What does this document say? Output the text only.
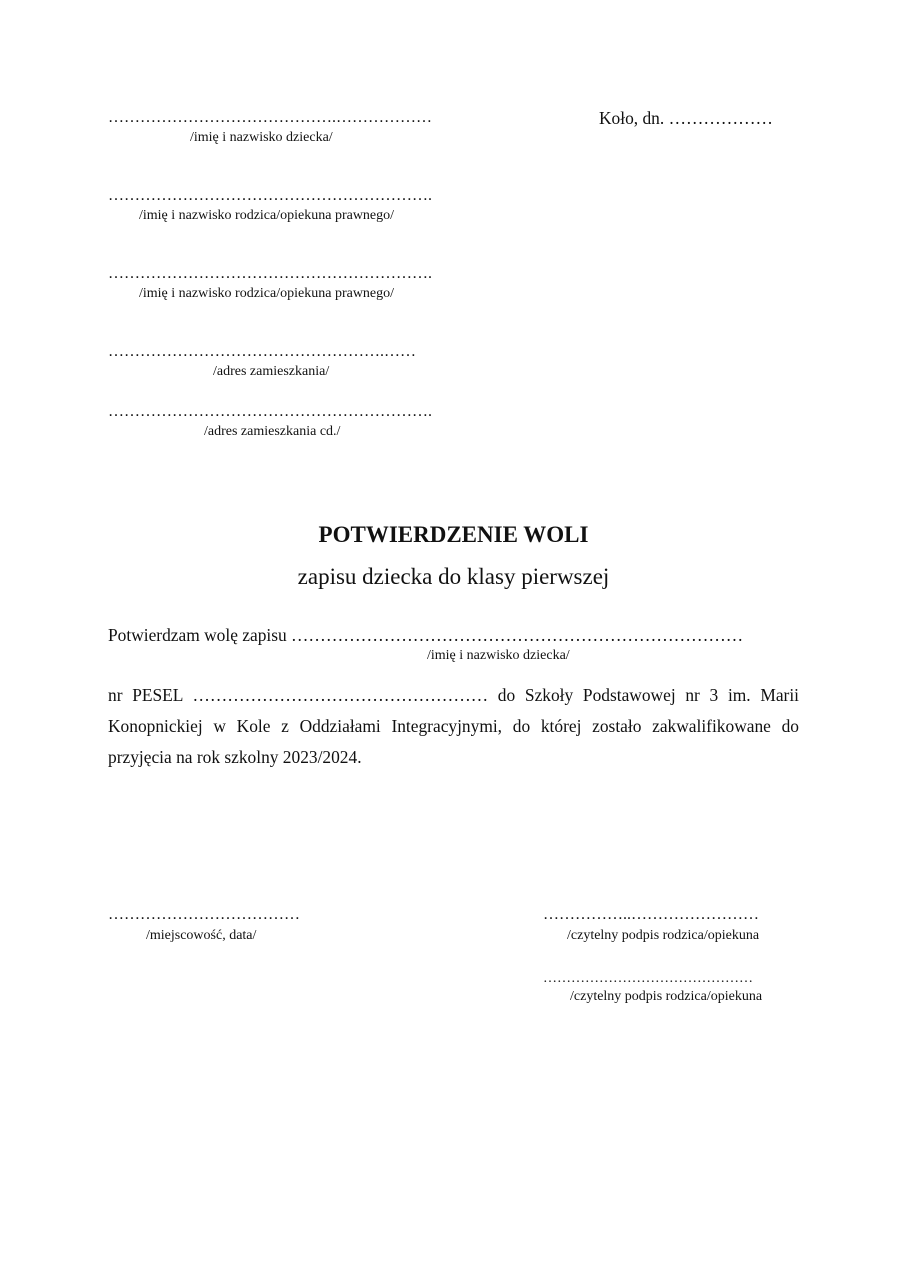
…………………………………….………………
/imię i nazwisko dziecka/
Koło, dn. ………………
…………………………………………………….
/imię i nazwisko rodzica/opiekuna prawnego/
…………………………………………………….
/imię i nazwisko rodzica/opiekuna prawnego/
…………………………………………….……
/adres zamieszkania/
…………………………………………………….
/adres zamieszkania cd./
POTWIERDZENIE WOLI
zapisu dziecka do klasy pierwszej
Potwierdzam wolę zapisu ……………………………………………………………………
/imię i nazwisko dziecka/
nr PESEL …………………………………………… do Szkoły Podstawowej nr 3 im. Marii Konopnickiej w Kole z Oddziałami Integracyjnymi, do której zostało zakwalifikowane do przyjęcia na rok szkolny 2023/2024.
………………………………
/miejscowość, data/
……………..……………………
/czytelny podpis rodzica/opiekuna
………………………………………
/czytelny podpis rodzica/opiekuna
